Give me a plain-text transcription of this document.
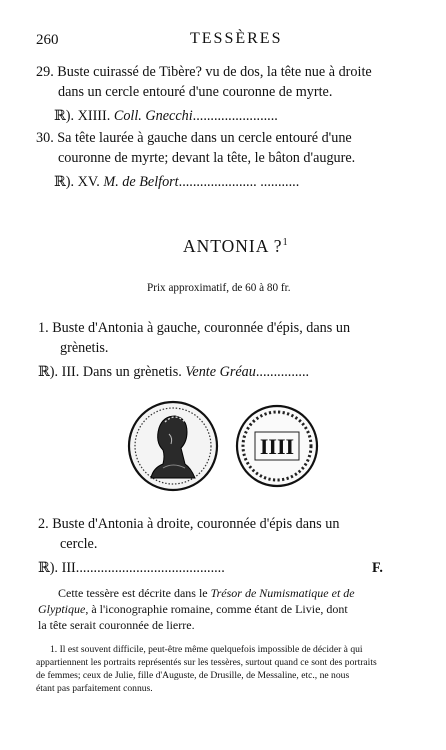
260	TESSÈRES
29. Buste cuirassé de Tibère? vu de dos, la tête nue à droite
dans un cercle entouré d'une couronne de myrte.
ℝ). XIIII. Coll. Gnecchi........................
30. Sa tête laurée à gauche dans un cercle entouré d'une
couronne de myrte; devant la tête, le bâton d'augure.
ℝ). XV. M. de Belfort...................... ...........
ANTONIA ?$^1$
Prix approximatif, de 60 à 80 fr.
1. Buste d'Antonia à gauche, couronnée d'épis, dans un
grènetis.
ℝ). III. Dans un grènetis. Vente Gréau...............
IIII
2. Buste d'Antonia à droite, couronnée d'épis dans un
cercle.
ℝ). III..........................................	F.
Cette tessère est décrite dans le Trésor de Numismatique et de
Glyptique, à l'iconographie romaine, comme étant de Livie, dont
la tête serait couronnée de lierre.
1. Il est souvent difficile, peut-être même quelquefois impossible de décider à qui
appartiennent les portraits représentés sur les tessères, surtout quand ce sont des portraits
de femmes; ceux de Julie, fille d'Auguste, de Drusille, de Messaline, etc., ne nous
étant pas parfaitement connus.
